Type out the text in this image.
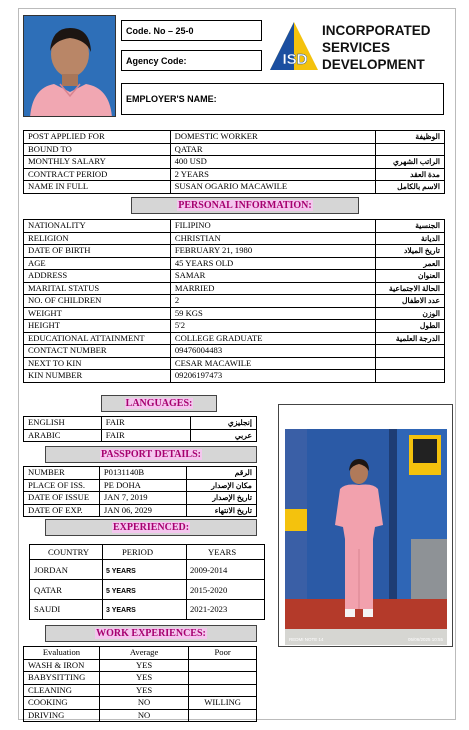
Code. No – 25-0
Agency Code:
EMPLOYER'S NAME:
ISD
INCORPORATED
SERVICES
DEVELOPMENT
POST APPLIED FOR	DOMESTIC WORKER	الوظيفة
BOUND TO	QATAR	
MONTHLY SALARY	400 USD	الراتب الشهري
CONTRACT PERIOD	2 YEARS	مدة العقد
NAME IN FULL	SUSAN OGARIO MACAWILE	الاسم بالكامل
PERSONAL INFORMATION:
NATIONALITY	FILIPINO	الجنسية
RELIGION	CHRISTIAN	الديانة
DATE OF BIRTH	FEBRUARY 21, 1980	تاريخ الميلاد
AGE	45 YEARS OLD	العمر
ADDRESS	SAMAR	العنوان
MARITAL STATUS	MARRIED	الحالة الاجتماعية
NO. OF CHILDREN	2	عدد الاطفال
WEIGHT	59 KGS	الوزن
HEIGHT	5'2	الطول
EDUCATIONAL ATTAINMENT	COLLEGE GRADUATE	الدرجة العلمية
CONTACT NUMBER	09476004483	
NEXT TO KIN	CESAR MACAWILE	
KIN NUMBER	09206197473	
LANGUAGES:
ENGLISH	FAIR	إنجليزي
ARABIC	FAIR	عربي
PASSPORT DETAILS:
NUMBER	P0131140B	الرقم
PLACE OF ISS.	PE DOHA	مكان الإصدار
DATE OF ISSUE	JAN 7, 2019	تاريخ الإصدار
DATE OF EXP.	JAN 06, 2029	تاريخ الانتهاء
EXPERIENCED:
COUNTRY	PERIOD	YEARS
JORDAN	5 YEARS	2009-2014
QATAR	5 YEARS	2015-2020
SAUDI	3 YEARS	2021-2023
WORK EXPERIENCES:
Evaluation	Average	Poor
WASH & IRON	YES	
BABYSITTING	YES	
CLEANING	YES	
COOKING	NO	WILLING
DRIVING	NO	
REDMI NOTE 14	05/06/2025 10:55
